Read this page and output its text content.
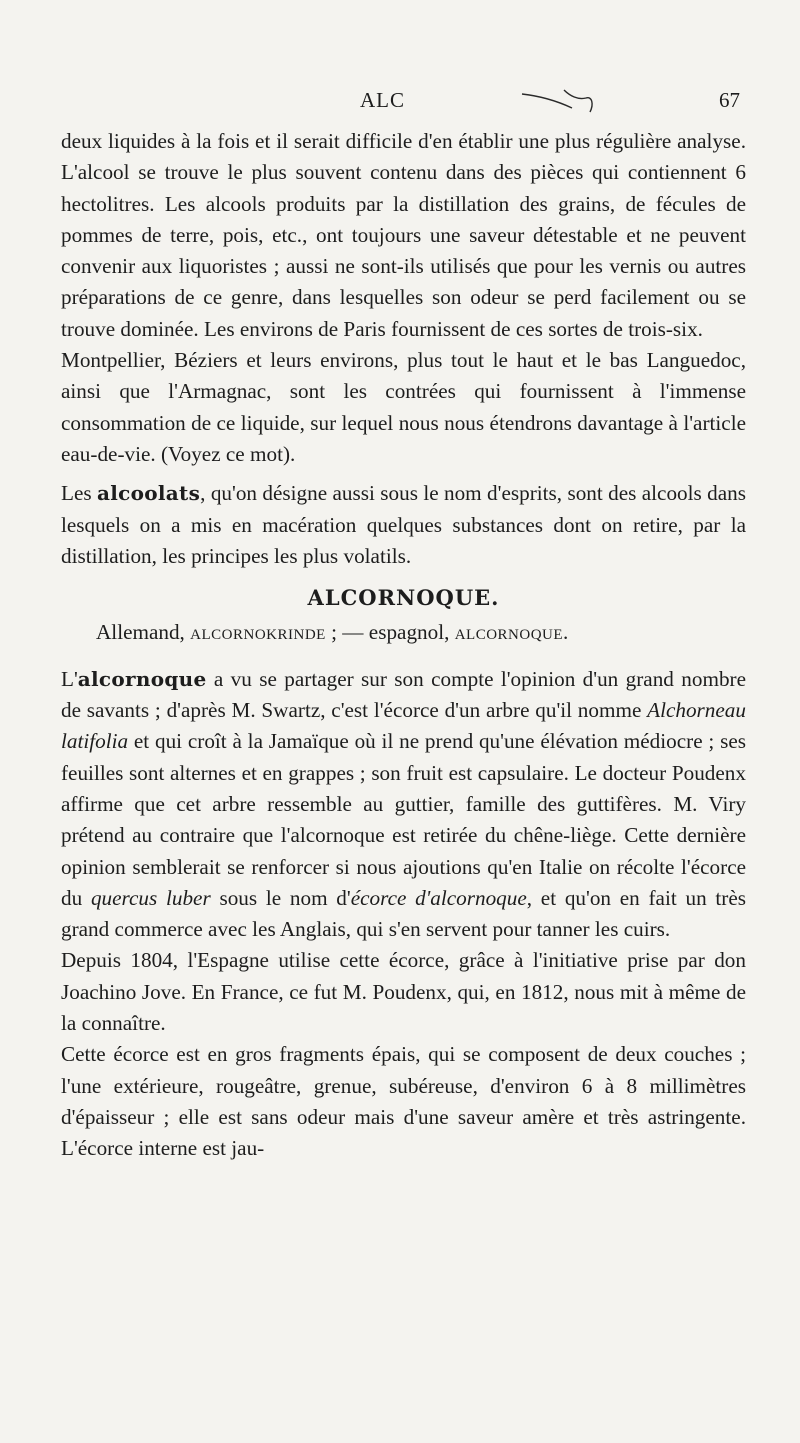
ALC	67

deux liquides à la fois et il serait difficile d'en établir une plus régulière analyse. L'alcool se trouve le plus souvent contenu dans des pièces qui contiennent 6 hectolitres. Les alcools produits par la distillation des grains, de fécules de pommes de terre, pois, etc., ont toujours une saveur détestable et ne peuvent convenir aux liquoristes ; aussi ne sont-ils utilisés que pour les vernis ou autres préparations de ce genre, dans lesquelles son odeur se perd facilement ou se trouve dominée. Les environs de Paris fournissent de ces sortes de trois-six.

Montpellier, Béziers et leurs environs, plus tout le haut et le bas Languedoc, ainsi que l'Armagnac, sont les contrées qui fournissent à l'immense consommation de ce liquide, sur lequel nous nous étendrons davantage à l'article eau-de-vie. (Voyez ce mot).

Les alcoolats, qu'on désigne aussi sous le nom d'esprits, sont des alcools dans lesquels on a mis en macération quelques substances dont on retire, par la distillation, les principes les plus volatils.

ALCORNOQUE.
Allemand, ALCORNOKRINDE ; — espagnol, ALCORNOQUE.

L'alcornoque a vu se partager sur son compte l'opinion d'un grand nombre de savants ; d'après M. Swartz, c'est l'écorce d'un arbre qu'il nomme Alchorneau latifolia et qui croît à la Jamaïque où il ne prend qu'une élévation médiocre ; ses feuilles sont alternes et en grappes ; son fruit est capsulaire. Le docteur Poudenx affirme que cet arbre ressemble au guttier, famille des guttifères. M. Viry prétend au contraire que l'alcornoque est retirée du chêne-liège. Cette dernière opinion semblerait se renforcer si nous ajoutions qu'en Italie on récolte l'écorce du quercus luber sous le nom d'écorce d'alcornoque, et qu'on en fait un très grand commerce avec les Anglais, qui s'en servent pour tanner les cuirs.

Depuis 1804, l'Espagne utilise cette écorce, grâce à l'initiative prise par don Joachino Jove. En France, ce fut M. Poudenx, qui, en 1812, nous mit à même de la connaître.

Cette écorce est en gros fragments épais, qui se composent de deux couches ; l'une extérieure, rougeâtre, grenue, subéreuse, d'environ 6 à 8 millimètres d'épaisseur ; elle est sans odeur mais d'une saveur amère et très astringente. L'écorce interne est jau-
